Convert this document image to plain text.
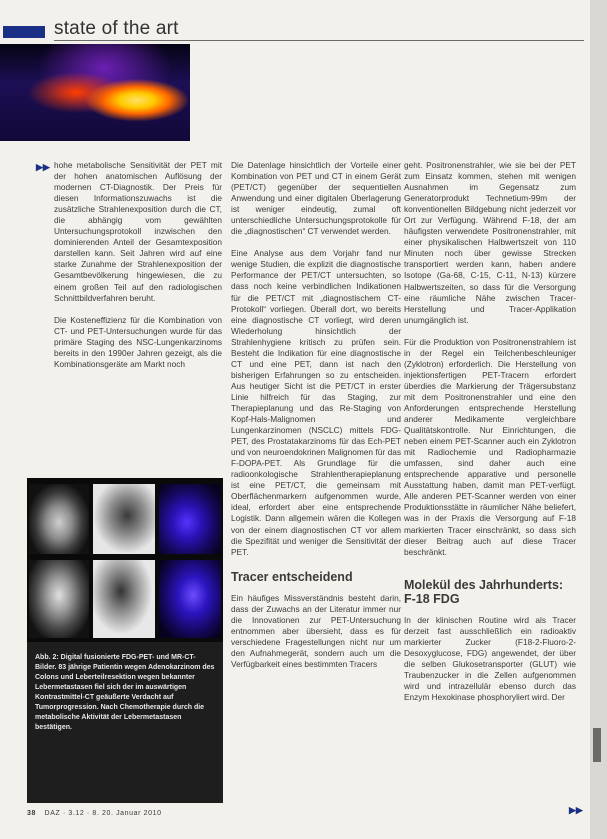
state of the art
▶▶ hohe metabolische Sensitivität der PET mit der hohen anatomischen Auflösung der modernen CT-Diagnostik. Der Preis für diesen Informationszuwachs ist die zusätzliche Strahlenexposition durch die CT, die abhängig vom gewählten Untersuchungsprotokoll inzwischen den dominierenden Anteil der Gesamtexposition darstellen kann. Seit Jahren wird auf eine starke Zunahme der Strahlenexposition der Gesamtbevölkerung hingewiesen, die zu einem großen Teil auf den radiologischen Schnittbildverfahren beruht.

Die Kosteneffizienz für die Kombination von CT- und PET-Untersuchungen wurde für das primäre Staging des NSC-Lungenkarzinoms bereits in den 1990er Jahren gezeigt, als die Kombinationsgeräte am Markt noch

Die Datenlage hinsichtlich der Vorteile einer Kombination von PET und CT in einem Gerät (PET/CT) gegenüber der sequentiellen Anwendung und einer digitalen Überlagerung ist weniger eindeutig, zumal oft unterschiedliche Untersuchungsprotokolle für die „diagnostischen“ CT verwendet werden.

Eine Analyse aus dem Vorjahr fand nur wenige Studien, die explizit die diagnostische Performance der PET/CT untersuchten, so dass noch keine verbindlichen Indikationen für die PET/CT mit „diagnostischem CT-Protokoll“ vorliegen. Überall dort, wo bereits eine diagnostische CT vorliegt, wird deren Wiederholung hinsichtlich der Strahlenhygiene kritisch zu prüfen sein. Besteht die Indikation für eine diagnostische CT und eine PET, dann ist nach den bisherigen Erfahrungen so zu entscheiden. Aus heutiger Sicht ist die PET/CT in erster Linie hilfreich für das Staging, zur Therapieplanung und das Re-Staging von Kopf-Hals-Malignomen und Lungenkarzinomen (NSCLC) mittels FDG-PET, des Prostatakarzinoms für das Ech-PET und von neuroendokrinen Malignomen für das F-DOPA-PET. Als Grundlage für die radioonkologische Strahlentherapieplanung ist eine PET/CT, die gemeinsam mit Oberflächenmarkern aufgenommen wurde, ideal, erfordert aber eine entsprechende Logistik. Dann allgemein wären die Kollegen von der einem diagnostischen CT vor allem die Spezifität und weniger die Sensitivität der PET.

Tracer entscheidend

Ein häufiges Missverständnis besteht darin, dass der Zuwachs an der Literatur immer nur die Innovationen zur PET-Untersuchung entnommen aber übersieht, dass es für verschiedene Fragestellungen nicht nur um den Aufnahmegerät, sondern auch um die Verfügbarkeit eines bestimmten Tracers

geht. Positronenstrahler, wie sie bei der PET zum Einsatz kommen, stehen mit wenigen Ausnahmen im Gegensatz zum Generatorprodukt Technetium-99m der konventionellen Bildgebung nicht jederzeit vor Ort zur Verfügung. Während F-18, der am häufigsten verwendete Positronenstrahler, mit einer physikalischen Halbwertszeit von 110 Minuten noch über gewisse Strecken transportiert werden kann, haben andere Isotope (Ga-68, C-15, C-11, N-13) kürzere Halbwertszeiten, so dass für die Versorgung eine räumliche Nähe zwischen Tracer-Herstellung und Tracer-Applikation unumgänglich ist.

Für die Produktion von Positronenstrahlern ist in der Regel ein Teilchenbeschleuniger (Zyklotron) erforderlich. Die Herstellung von injektionsfertigen PET-Tracern erfordert überdies die Markierung der Trägersubstanz mit dem Positronenstrahler und eine den Anforderungen entsprechende Herstellung anderer Medikamente vergleichbare Qualitätskontrolle. Nur Einrichtungen, die neben einem PET-Scanner auch ein Zyklotron mit Radiochemie und Radiopharmazie umfassen, sind daher auch eine entsprechende apparative und personelle Ausstattung haben, damit man PET-verfügt. Alle anderen PET-Scanner werden von einer Produktionsstätte in räumlicher Nähe beliefert, was in der Praxis die Versorgung auf F-18 markierten Tracer einschränkt, so dass sich dieser Beitrag auch auf diese Tracer beschränkt.

Molekül des Jahrhunderts: F-18 FDG

In der klinischen Routine wird als Tracer derzeit fast ausschließlich ein radioaktiv markierter Zucker (F18-2-Fluoro-2-Desoxyglucose, FDG) angewendet, der über die selben Glukosetransporter (GLUT) wie Traubenzucker in die Zellen aufgenommen wird und intrazellulär ebenso durch das Enzym Hexokinase phosphoryliert wird. Der

Abb. 2: Digital fusionierte FDG-PET- und MR-CT-Bilder. 83 jährige Patientin wegen Adenokarzinom des Colons und Leberteilresektion wegen bekannter Lebermetastasen fiel sich der im auswärtigen Kontrastmittel-CT geäußerte Verdacht auf Tumorprogression. Nach Chemotherapie durch die metabolische Aktivität der Lebermetastasen bestätigen.
38 DAZ · 3.12 · 8. 20. Januar 2010	▶▶
